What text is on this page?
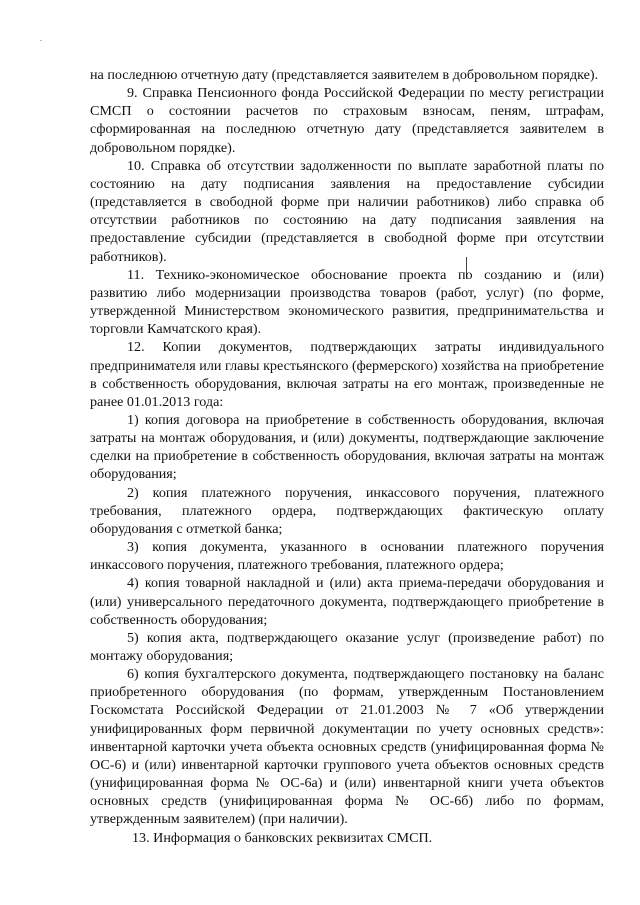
на последнюю отчетную дату (представляется заявителем в добровольном порядке).

9. Справка Пенсионного фонда Российской Федерации по месту регистрации СМСП о состоянии расчетов по страховым взносам, пеням, штрафам, сформированная на последнюю отчетную дату (представляется заявителем в добровольном порядке).

10. Справка об отсутствии задолженности по выплате заработной платы по состоянию на дату подписания заявления на предоставление субсидии (представляется в свободной форме при наличии работников) либо справка об отсутствии работников по состоянию на дату подписания заявления на предоставление субсидии (представляется в свободной форме при отсутствии работников).

11. Технико-экономическое обоснование проекта по созданию и (или) развитию либо модернизации производства товаров (работ, услуг) (по форме, утвержденной Министерством экономического развития, предпринимательства и торговли Камчатского края).

12. Копии документов, подтверждающих затраты индивидуального предпринимателя или главы крестьянского (фермерского) хозяйства на приобретение в собственность оборудования, включая затраты на его монтаж, произведенные не ранее 01.01.2013 года:

1) копия договора на приобретение в собственность оборудования, включая затраты на монтаж оборудования, и (или) документы, подтверждающие заключение сделки на приобретение в собственность оборудования, включая затраты на монтаж оборудования;

2) копия платежного поручения, инкассового поручения, платежного требования, платежного ордера, подтверждающих фактическую оплату оборудования с отметкой банка;

3) копия документа, указанного в основании платежного поручения инкассового поручения, платежного требования, платежного ордера;

4) копия товарной накладной и (или) акта приема-передачи оборудования и (или) универсального передаточного документа, подтверждающего приобретение в собственность оборудования;

5) копия акта, подтверждающего оказание услуг (произведение работ) по монтажу оборудования;

6) копия бухгалтерского документа, подтверждающего постановку на баланс приобретенного оборудования (по формам, утвержденным Постановлением Госкомстата Российской Федерации от 21.01.2003 № 7 «Об утверждении унифицированных форм первичной документации по учету основных средств»: инвентарной карточки учета объекта основных средств (унифицированная форма № ОС-6) и (или) инвентарной карточки группового учета объектов основных средств (унифицированная форма № ОС-6а) и (или) инвентарной книги учета объектов основных средств (унифицированная форма № ОС-6б) либо по формам, утвержденным заявителем) (при наличии).

13. Информация о банковских реквизитах СМСП.
